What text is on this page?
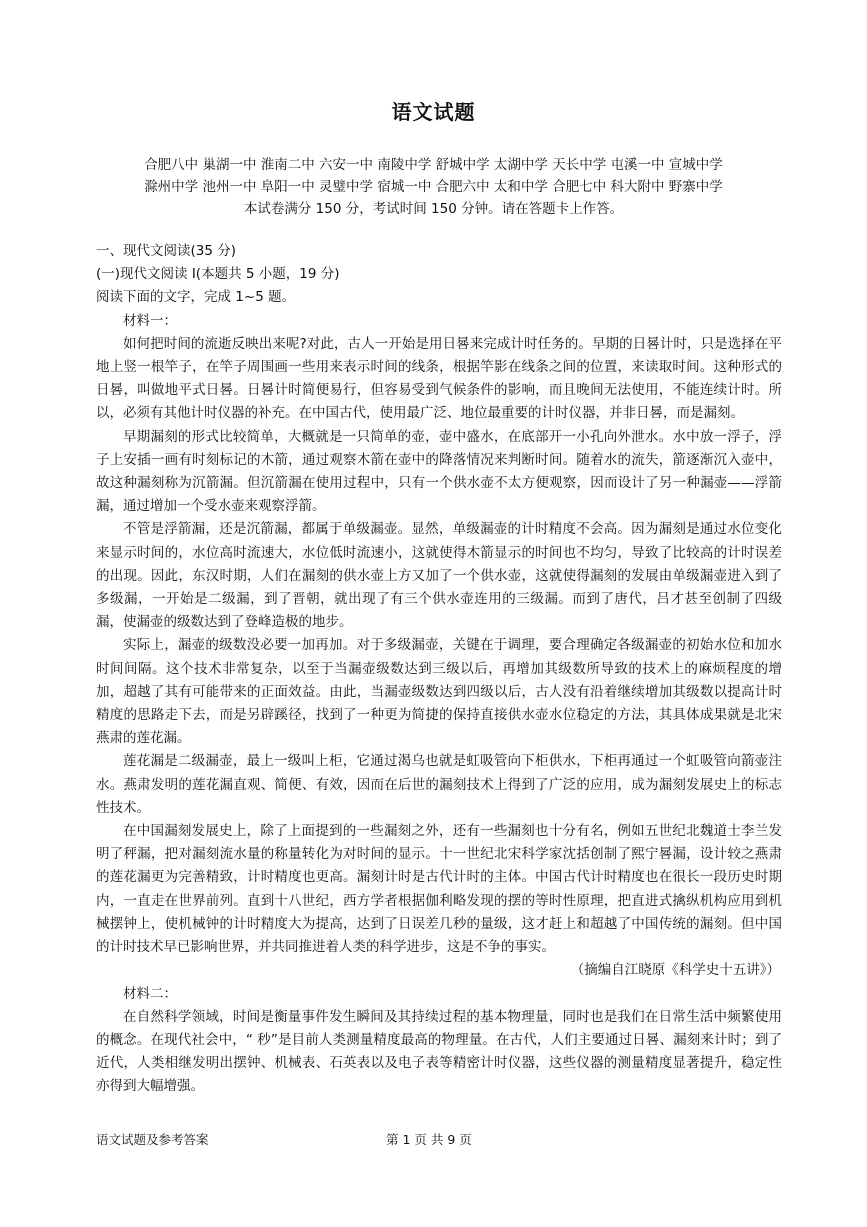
语文试题
合肥八中 巢湖一中 淮南二中 六安一中 南陵中学 舒城中学 太湖中学 天长中学 屯溪一中 宣城中学
滁州中学 池州一中 阜阳一中 灵璧中学 宿城一中 合肥六中 太和中学 合肥七中 科大附中 野寨中学
本试卷满分 150 分，考试时间 150 分钟。请在答题卡上作答。

一、现代文阅读(35 分)

(一)现代文阅读 I(本题共 5 小题，19 分)

阅读下面的文字，完成 1~5 题。

材料一：

如何把时间的流逝反映出来呢?对此，古人一开始是用日晷来完成计时任务的。早期的日晷计时，只是选择在平地上竖一根竿子，在竿子周围画一些用来表示时间的线条，根据竿影在线条之间的位置，来读取时间。这种形式的日晷，叫做地平式日晷。日晷计时简便易行，但容易受到气候条件的影响，而且晚间无法使用，不能连续计时。所以，必须有其他计时仪器的补充。在中国古代，使用最广泛、地位最重要的计时仪器，并非日晷，而是漏刻。

早期漏刻的形式比较简单，大概就是一只简单的壶，壶中盛水，在底部开一小孔向外泄水。水中放一浮子，浮子上安插一画有时刻标记的木箭，通过观察木箭在壶中的降落情况来判断时间。随着水的流失，箭逐渐沉入壶中，故这种漏刻称为沉箭漏。但沉箭漏在使用过程中，只有一个供水壶不太方便观察，因而设计了另一种漏壶——浮箭漏，通过增加一个受水壶来观察浮箭。

不管是浮箭漏，还是沉箭漏，都属于单级漏壶。显然，单级漏壶的计时精度不会高。因为漏刻是通过水位变化来显示时间的，水位高时流速大，水位低时流速小，这就使得木箭显示的时间也不均匀，导致了比较高的计时误差的出现。因此，东汉时期，人们在漏刻的供水壶上方又加了一个供水壶，这就使得漏刻的发展由单级漏壶进入到了多级漏，一开始是二级漏，到了晋朝，就出现了有三个供水壶连用的三级漏。而到了唐代，吕才甚至创制了四级漏，使漏壶的级数达到了登峰造极的地步。

实际上，漏壶的级数没必要一加再加。对于多级漏壶，关键在于调理，要合理确定各级漏壶的初始水位和加水时间间隔。这个技术非常复杂，以至于当漏壶级数达到三级以后，再增加其级数所导致的技术上的麻烦程度的增加，超越了其有可能带来的正面效益。由此，当漏壶级数达到四级以后，古人没有沿着继续增加其级数以提高计时精度的思路走下去，而是另辟蹊径，找到了一种更为简捷的保持直接供水壶水位稳定的方法，其具体成果就是北宋燕肃的莲花漏。

莲花漏是二级漏壶，最上一级叫上柜，它通过渴乌也就是虹吸管向下柜供水，下柜再通过一个虹吸管向箭壶注水。燕肃发明的莲花漏直观、简便、有效，因而在后世的漏刻技术上得到了广泛的应用，成为漏刻发展史上的标志性技术。

在中国漏刻发展史上，除了上面提到的一些漏刻之外，还有一些漏刻也十分有名，例如五世纪北魏道士李兰发明了秤漏，把对漏刻流水量的称量转化为对时间的显示。十一世纪北宋科学家沈括创制了熙宁晷漏，设计较之燕肃的莲花漏更为完善精致，计时精度也更高。漏刻计时是古代计时的主体。中国古代计时精度也在很长一段历史时期内，一直走在世界前列。直到十八世纪，西方学者根据伽利略发现的摆的等时性原理，把直进式擒纵机构应用到机械摆钟上，使机械钟的计时精度大为提高，达到了日误差几秒的量级，这才赶上和超越了中国传统的漏刻。但中国的计时技术早已影响世界，并共同推进着人类的科学进步，这是不争的事实。

（摘编自江晓原《科学史十五讲》）

材料二：

在自然科学领域，时间是衡量事件发生瞬间及其持续过程的基本物理量，同时也是我们在日常生活中频繁使用的概念。在现代社会中，“ 秒”是目前人类测量精度最高的物理量。在古代，人们主要通过日晷、漏刻来计时；到了近代，人类相继发明出摆钟、机械表、石英表以及电子表等精密计时仪器，这些仪器的测量精度显著提升，稳定性亦得到大幅增强。

语文试题及参考答案	第 1 页 共 9 页
